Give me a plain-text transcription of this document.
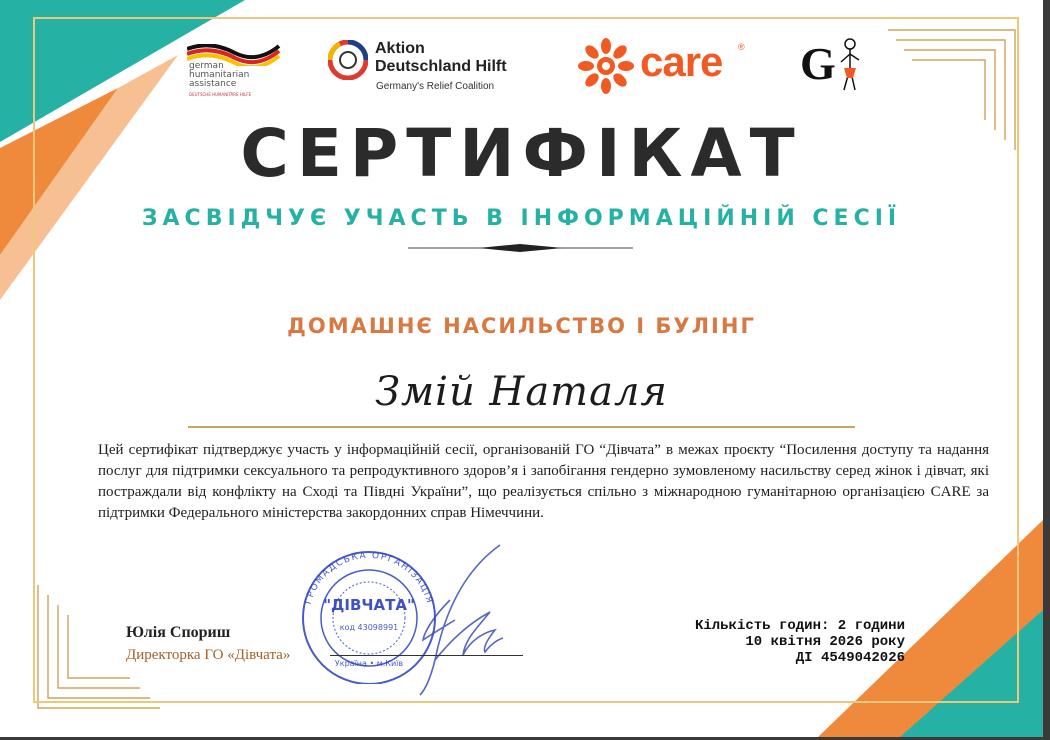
german
humanitarian
assistance
DEUTSCHE HUMANITÄRE HILFE
Aktion
Deutschland Hilft
Germany's Relief Coalition
care ® G
СЕРТИФІКАТ
ЗАСВІДЧУЄ УЧАСТЬ В ІНФОРМАЦІЙНІЙ СЕСІЇ
ДОМАШНЄ НАСИЛЬСТВО І БУЛІНГ
Змій Наталя
Цей сертифікат підтверджує участь у інформаційній сесії, організованій ГО “Дівчата” в межах проєкту “Посилення доступу та надання послуг для підтримки сексуального та репродуктивного здоров’я і запобігання гендерно зумовленому насильству серед жінок і дівчат, які постраждали від конфлікту на Сході та Півдні України”, що реалізується спільно з міжнародною гуманітарною організацією CARE за підтримки Федерального міністерства закордонних справ Німеччини.
ГРОМАДСЬКА ОРГАНІЗАЦІЯ
"ДІВЧАТА"
код 43098991
Україна • м.Київ
Юлія Спориш
Директорка ГО «Дівчата»
Кількість годин: 2 години
10 квітня 2026 року
ДІ 4549042026
